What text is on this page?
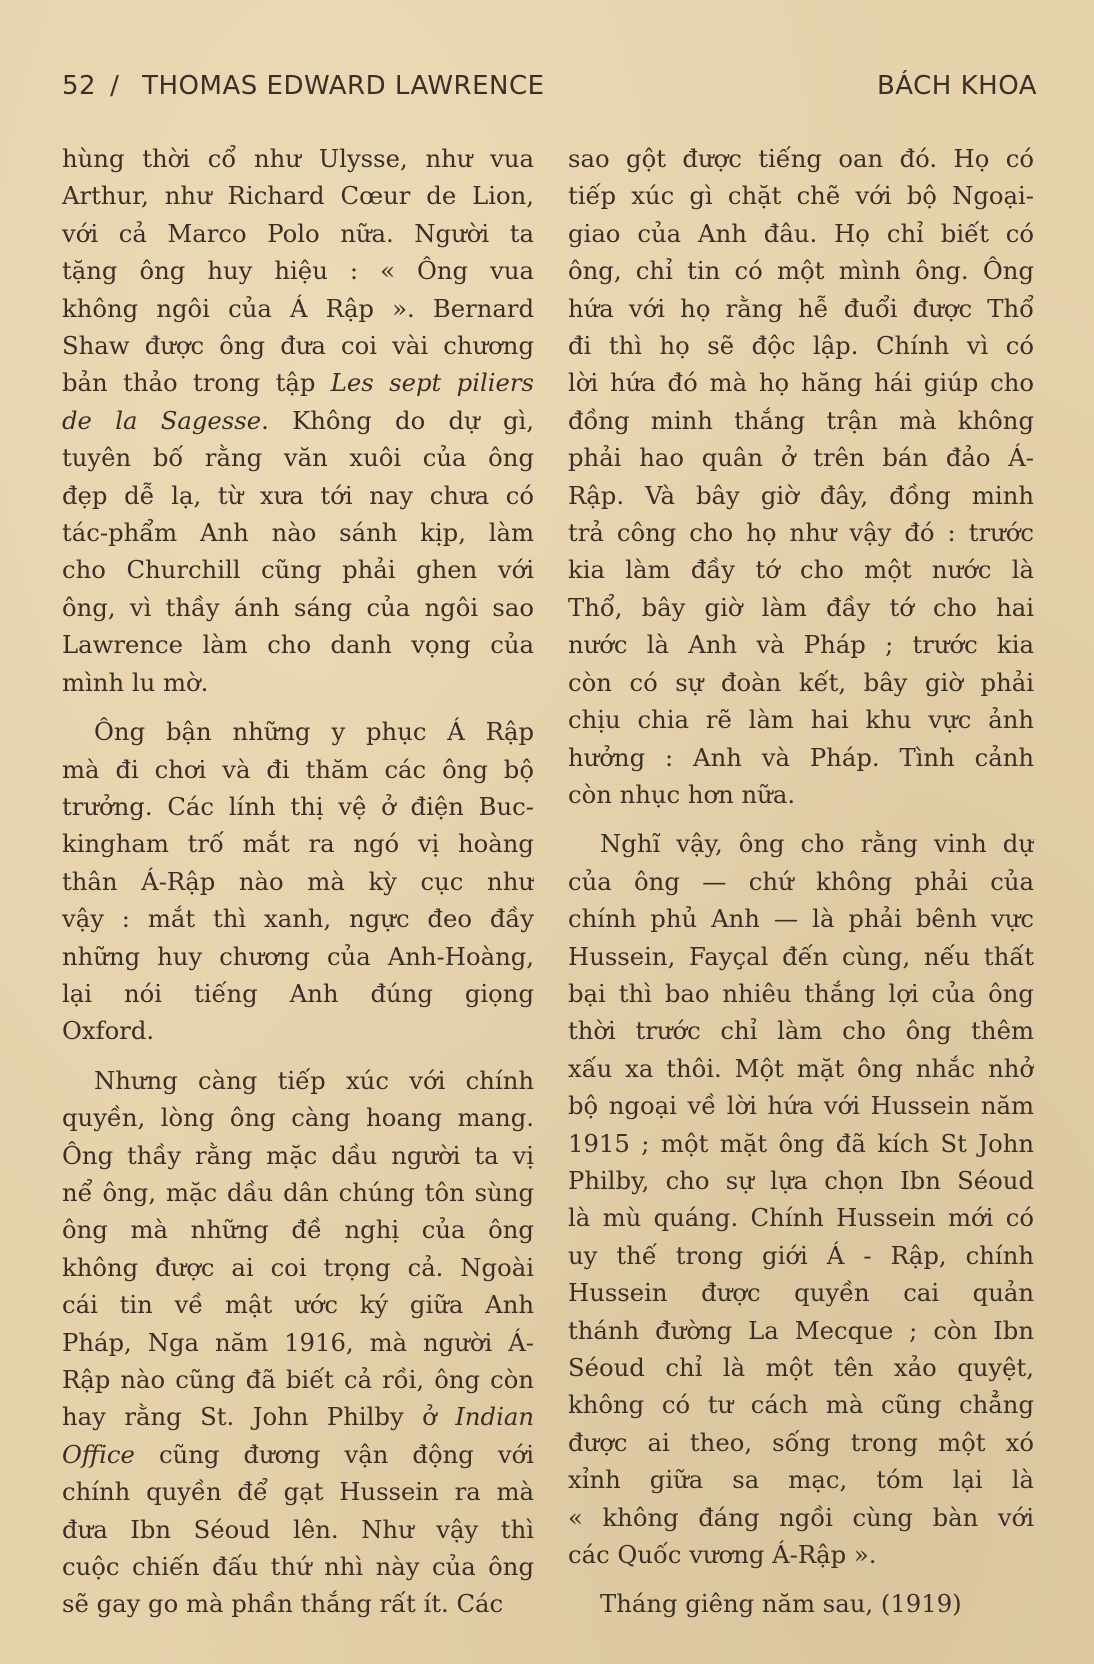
52 / THOMAS EDWARD LAWRENCE	BÁCH KHOA
hùng thời cổ như Ulysse, như vua
Arthur, như Richard Cœur de Lion,
với cả Marco Polo nữa. Người ta
tặng ông huy hiệu : « Ông vua
không ngôi của Á Rập ». Bernard
Shaw được ông đưa coi vài chương
bản thảo trong tập Les sept piliers
de la Sagesse. Không do dự gì,
tuyên bố rằng văn xuôi của ông
đẹp dễ lạ, từ xưa tới nay chưa có
tác-phẩm Anh nào sánh kịp, làm
cho Churchill cũng phải ghen với
ông, vì thầy ánh sáng của ngôi sao
Lawrence làm cho danh vọng của
mình lu mờ.
Ông bận những y phục Á Rập
mà đi chơi và đi thăm các ông bộ
trưởng. Các lính thị vệ ở điện Buc-
kingham trố mắt ra ngó vị hoàng
thân Á-Rập nào mà kỳ cục như
vậy : mắt thì xanh, ngực đeo đầy
những huy chương của Anh-Hoàng,
lại nói tiếng Anh đúng giọng
Oxford.
Nhưng càng tiếp xúc với chính
quyền, lòng ông càng hoang mang.
Ông thầy rằng mặc dầu người ta vị
nể ông, mặc dầu dân chúng tôn sùng
ông mà những đề nghị của ông
không được ai coi trọng cả. Ngoài
cái tin về mật ước ký giữa Anh
Pháp, Nga năm 1916, mà người Á-
Rập nào cũng đã biết cả rồi, ông còn
hay rằng St. John Philby ở Indian
Office cũng đương vận động với
chính quyền để gạt Hussein ra mà
đưa Ibn Séoud lên. Như vậy thì
cuộc chiến đấu thứ nhì này của ông
sẽ gay go mà phần thắng rất ít. Các
sao gột được tiếng oan đó. Họ có
tiếp xúc gì chặt chẽ với bộ Ngoại-
giao của Anh đâu. Họ chỉ biết có
ông, chỉ tin có một mình ông. Ông
hứa với họ rằng hễ đuổi được Thổ
đi thì họ sẽ độc lập. Chính vì có
lời hứa đó mà họ hăng hái giúp cho
đồng minh thắng trận mà không
phải hao quân ở trên bán đảo Á-
Rập. Và bây giờ đây, đồng minh
trả công cho họ như vậy đó : trước
kia làm đầy tớ cho một nước là
Thổ, bây giờ làm đầy tớ cho hai
nước là Anh và Pháp ; trước kia
còn có sự đoàn kết, bây giờ phải
chịu chia rẽ làm hai khu vực ảnh
hưởng : Anh và Pháp. Tình cảnh
còn nhục hơn nữa.
Nghĩ vậy, ông cho rằng vinh dự
của ông — chứ không phải của
chính phủ Anh — là phải bênh vực
Hussein, Fayçal đến cùng, nếu thất
bại thì bao nhiêu thắng lợi của ông
thời trước chỉ làm cho ông thêm
xấu xa thôi. Một mặt ông nhắc nhở
bộ ngoại về lời hứa với Hussein năm
1915 ; một mặt ông đã kích St John
Philby, cho sự lựa chọn Ibn Séoud
là mù quáng. Chính Hussein mới có
uy thế trong giới Á - Rập, chính
Hussein được quyền cai quản
thánh đường La Mecque ; còn Ibn
Séoud chỉ là một tên xảo quyệt,
không có tư cách mà cũng chẳng
được ai theo, sống trong một xó
xỉnh giữa sa mạc, tóm lại là
« không đáng ngồi cùng bàn với
các Quốc vương Á-Rập ».
Tháng giêng năm sau, (1919)
